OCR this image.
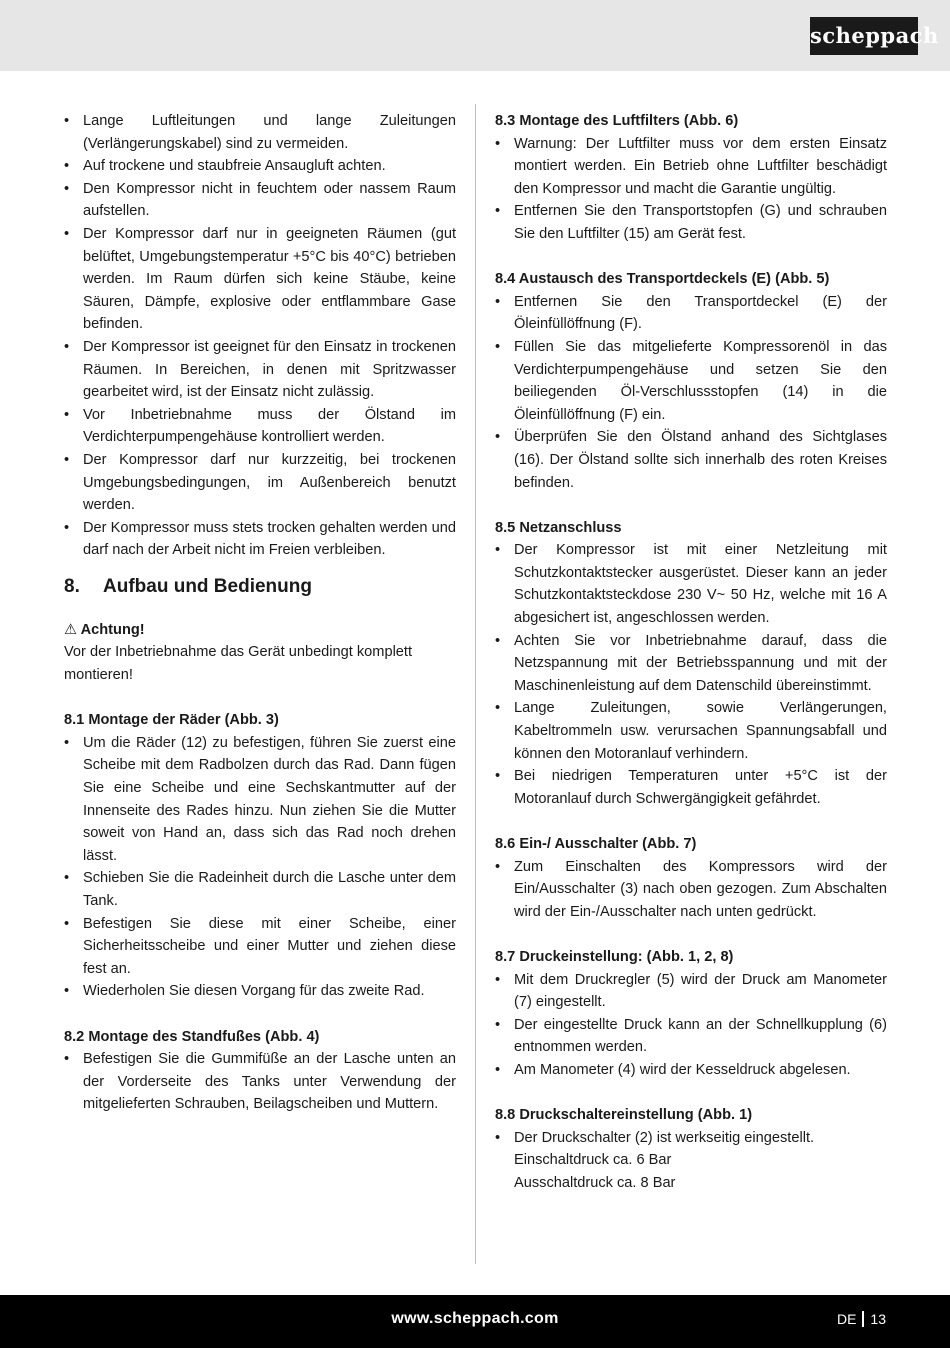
scheppach
• Lange Luftleitungen und lange Zuleitungen (Verlängerungskabel) sind zu vermeiden.
• Auf trockene und staubfreie Ansaugluft achten.
• Den Kompressor nicht in feuchtem oder nassem Raum aufstellen.
• Der Kompressor darf nur in geeigneten Räumen (gut belüftet, Umgebungstemperatur +5°C bis 40°C) betrieben werden. Im Raum dürfen sich keine Stäube, keine Säuren, Dämpfe, explosive oder entflammbare Gase befinden.
• Der Kompressor ist geeignet für den Einsatz in trockenen Räumen. In Bereichen, in denen mit Spritzwasser gearbeitet wird, ist der Einsatz nicht zulässig.
• Vor Inbetriebnahme muss der Ölstand im Verdichterpumpengehäuse kontrolliert werden.
• Der Kompressor darf nur kurzzeitig, bei trockenen Umgebungsbedingungen, im Außenbereich benutzt werden.
• Der Kompressor muss stets trocken gehalten werden und darf nach der Arbeit nicht im Freien verbleiben.
8. Aufbau und Bedienung
⚠ Achtung!
Vor der Inbetriebnahme das Gerät unbedingt komplett montieren!
8.1 Montage der Räder (Abb. 3)
• Um die Räder (12) zu befestigen, führen Sie zuerst eine Scheibe mit dem Radbolzen durch das Rad. Dann fügen Sie eine Scheibe und eine Sechskantmutter auf der Innenseite des Rades hinzu. Nun ziehen Sie die Mutter soweit von Hand an, dass sich das Rad noch drehen lässt.
• Schieben Sie die Radeinheit durch die Lasche unter dem Tank.
• Befestigen Sie diese mit einer Scheibe, einer Sicherheitsscheibe und einer Mutter und ziehen diese fest an.
• Wiederholen Sie diesen Vorgang für das zweite Rad.
8.2 Montage des Standfußes (Abb. 4)
• Befestigen Sie die Gummifüße an der Lasche unten an der Vorderseite des Tanks unter Verwendung der mitgelieferten Schrauben, Beilagscheiben und Muttern.
8.3 Montage des Luftfilters (Abb. 6)
• Warnung: Der Luftfilter muss vor dem ersten Einsatz montiert werden. Ein Betrieb ohne Luftfilter beschädigt den Kompressor und macht die Garantie ungültig.
• Entfernen Sie den Transportstopfen (G) und schrauben Sie den Luftfilter (15) am Gerät fest.
8.4 Austausch des Transportdeckels (E) (Abb. 5)
• Entfernen Sie den Transportdeckel (E) der Öleinfüllöffnung (F).
• Füllen Sie das mitgelieferte Kompressorenöl in das Verdichterpumpengehäuse und setzen Sie den beiliegenden Öl-Verschlussstopfen (14) in die Öleinfüllöffnung (F) ein.
• Überprüfen Sie den Ölstand anhand des Sichtglases (16). Der Ölstand sollte sich innerhalb des roten Kreises befinden.
8.5 Netzanschluss
• Der Kompressor ist mit einer Netzleitung mit Schutzkontaktstecker ausgerüstet. Dieser kann an jeder Schutzkontaktsteckdose 230 V~ 50 Hz, welche mit 16 A abgesichert ist, angeschlossen werden.
• Achten Sie vor Inbetriebnahme darauf, dass die Netzspannung mit der Betriebsspannung und mit der Maschinenleistung auf dem Datenschild übereinstimmt.
• Lange Zuleitungen, sowie Verlängerungen, Kabeltrommeln usw. verursachen Spannungsabfall und können den Motoranlauf verhindern.
• Bei niedrigen Temperaturen unter +5°C ist der Motoranlauf durch Schwergängigkeit gefährdet.
8.6 Ein-/ Ausschalter (Abb. 7)
• Zum Einschalten des Kompressors wird der Ein/Ausschalter (3) nach oben gezogen. Zum Abschalten wird der Ein-/Ausschalter nach unten gedrückt.
8.7 Druckeinstellung: (Abb. 1, 2, 8)
• Mit dem Druckregler (5) wird der Druck am Manometer (7) eingestellt.
• Der eingestellte Druck kann an der Schnellkupplung (6) entnommen werden.
• Am Manometer (4) wird der Kesseldruck abgelesen.
8.8 Druckschaltereinstellung (Abb. 1)
• Der Druckschalter (2) ist werkseitig eingestellt.
Einschaltdruck ca. 6 Bar
Ausschaltdruck ca. 8 Bar
www.scheppach.com	DE 13
